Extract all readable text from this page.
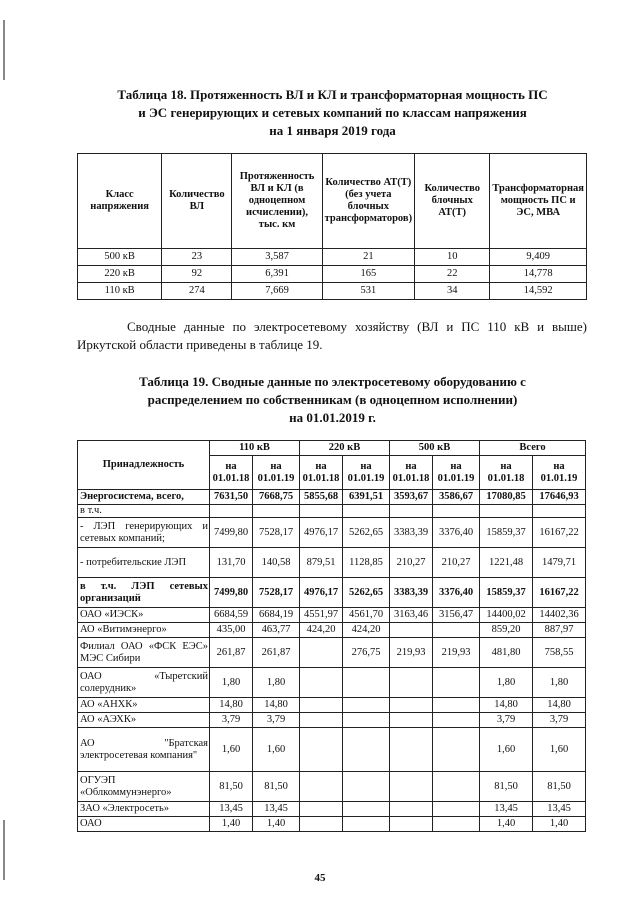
Таблица 18. Протяженность ВЛ и КЛ и трансформаторная мощность ПС
и ЭС генерирующих и сетевых компаний по классам напряжения
на 1 января 2019 года
Класс напряжения	Количество ВЛ	Протяженность ВЛ и КЛ (в одноцепном исчислении), тыс. км	Количество АТ(Т) (без учета блочных трансформаторов)	Количество блочных АТ(Т)	Трансформаторная мощность ПС и ЭС, МВА
500 кВ	23	3,587	21	10	9,409
220 кВ	92	6,391	165	22	14,778
110 кВ	274	7,669	531	34	14,592
Сводные данные по электросетевому хозяйству (ВЛ и ПС 110 кВ и выше) Иркутской области приведены в таблице 19.
Таблица 19. Сводные данные по электросетевому оборудованию с
распределением по собственникам (в одноцепном исполнении)
на 01.01.2019 г.
Принадлежность	110 кВ		220 кВ		500 кВ		Всего	
	на 01.01.18	на 01.01.19	на 01.01.18	на 01.01.19	на 01.01.18	на 01.01.19	на 01.01.18	на 01.01.19
Энергосистема, всего,	7631,50	7668,75	5855,68	6391,51	3593,67	3586,67	17080,85	17646,93
в т.ч.								
- ЛЭП генерирующих и сетевых компаний;	7499,80	7528,17	4976,17	5262,65	3383,39	3376,40	15859,37	16167,22
- потребительские ЛЭП	131,70	140,58	879,51	1128,85	210,27	210,27	1221,48	1479,71
в т.ч. ЛЭП сетевых организаций	7499,80	7528,17	4976,17	5262,65	3383,39	3376,40	15859,37	16167,22
ОАО «ИЭСК»	6684,59	6684,19	4551,97	4561,70	3163,46	3156,47	14400,02	14402,36
АО «Витимэнерго»	435,00	463,77	424,20	424,20			859,20	887,97
Филиал ОАО «ФСК ЕЭС» МЭС Сибири	261,87	261,87		276,75	219,93	219,93	481,80	758,55
ОАО «Тыретский солерудник»	1,80	1,80					1,80	1,80
АО «АНХК»	14,80	14,80					14,80	14,80
АО «АЭХК»	3,79	3,79					3,79	3,79
АО "Братская электросетевая компания"	1,60	1,60					1,60	1,60
ОГУЭП «Облкоммунэнерго»	81,50	81,50					81,50	81,50
ЗАО «Электросеть»	13,45	13,45					13,45	13,45
ОАО	1,40	1,40					1,40	1,40
45
